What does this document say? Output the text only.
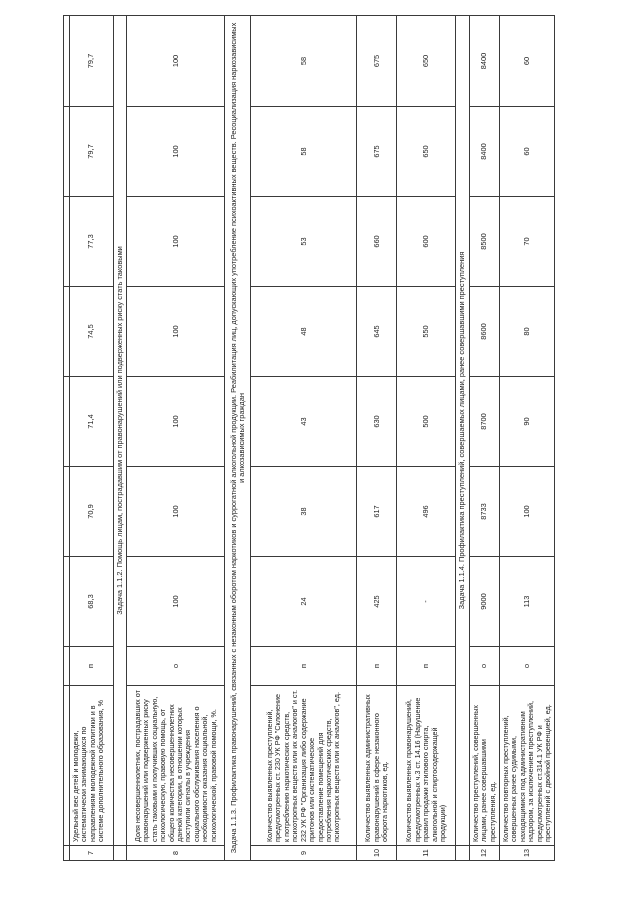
7	Удельный вес детей и молодежи, систематически занимающихся по направлениям молодежной политики и в системе дополнительного образования, %	п	68,3	70,9	71,4	74,5	77,3	79,7	79,7
	Задача 1.1.2. Помощь лицам, пострадавшим от правонарушений или подверженных риску стать таковыми								
8	Доля несовершеннолетних, пострадавших от правонарушений или подверженных риску стать таковыми и получивших социальную, психологическую, правовую помощь, от общего количества несовершеннолетних данной категории, в отношении которых поступили сигналы в учреждения социального обслуживания населения о необходимости оказания социальной, психологической, правовой помощи, %.	о	100	100	100	100	100	100	100
Задача 1.1.3. Профилактика правонарушений, связанных с незаконным оборотом наркотиков и суррогатной алкогольной продукции. Реабилитация лиц, допускающих употребление психоактивных веществ. Ресоциализация наркозависимых и алкозависимых граждан									
9	Количество выявленных преступлений, предусмотренных ст. 230 УК РФ "Склонение к потреблению наркотических средств, психотропных веществ или их аналогов" и ст. 232 УК РФ "Организация либо содержание притонов или систематическое предоставление помещений для потребления наркотических средств, психотропных веществ или их аналогов", ед.	п	24	38	43	48	53	58	58
10	Количество выявленных административных правонарушений в сфере незаконного оборота наркотиков, ед.	п	425	617	630	645	660	675	675
11	Количество выявленных правонарушений, предусмотренных ч.3 ст. 14.16 (Нарушение правил продажи этилового спирта, алкогольной и спиртосодержащей продукции)	п	-	496	500	550	600	650	650
	Задача 1.1.4. Профилактика преступлений, совершаемых лицами, ранее совершавшими преступления								
12	Количество преступлений, совершенных лицами, ранее совершавшими преступления, ед.	о	9000	8733	8700	8600	8500	8400	8400
13	Количество повторных преступлений, совершенных ранее судимыми, находящимися под административным надзором, за исключением преступлений, предусмотренных ст.314.1 УК РФ и преступлений с двойной превенцией, ед.	о	113	100	90	80	70	60	60
